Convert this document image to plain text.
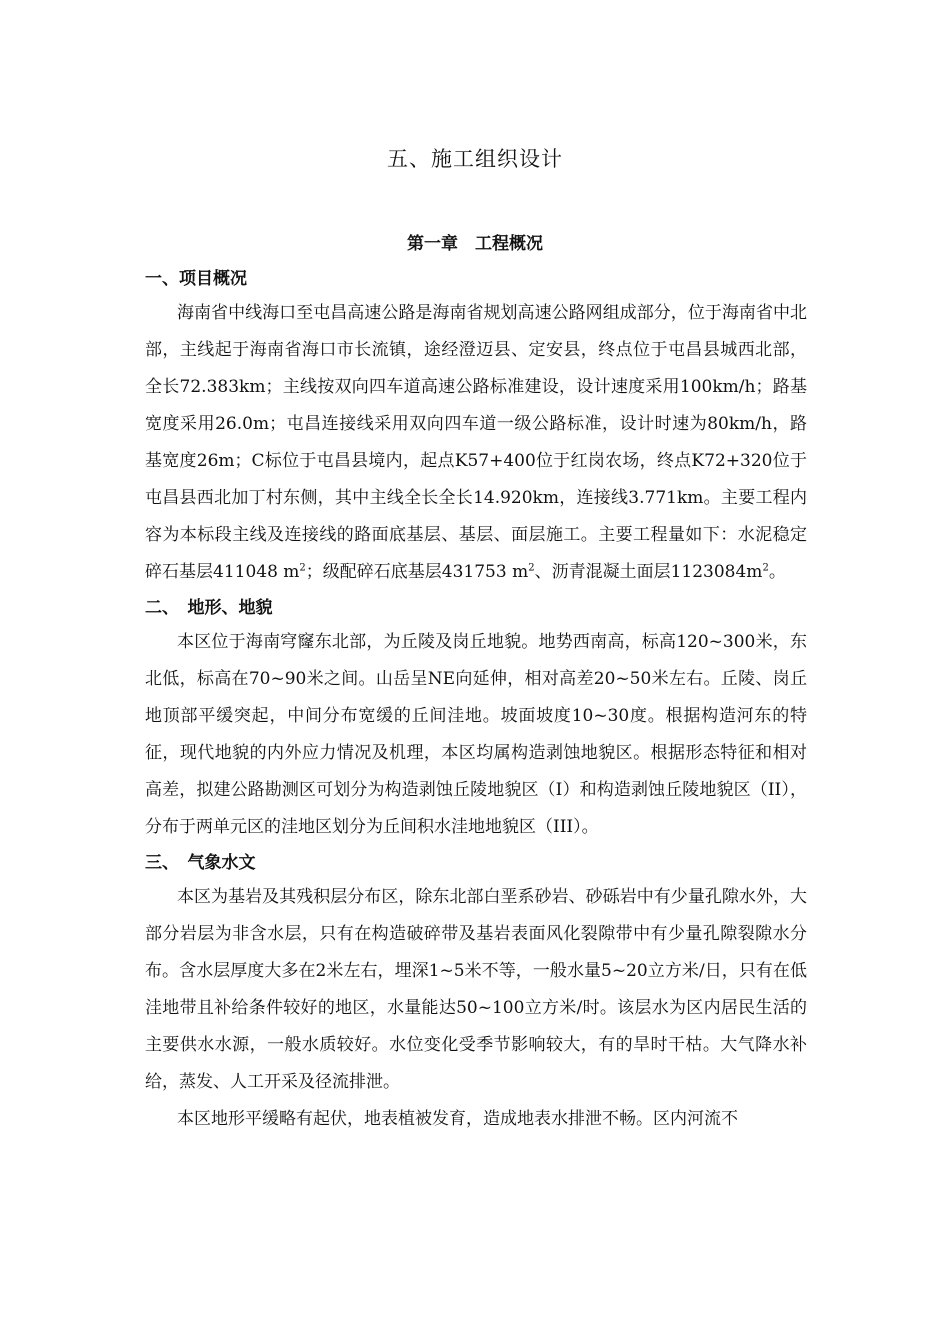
五、施工组织设计
第一章　工程概况
一、项目概况

海南省中线海口至屯昌高速公路是海南省规划高速公路网组成部分，位于海南省中北部，主线起于海南省海口市长流镇，途经澄迈县、定安县，终点位于屯昌县城西北部，全长72.383km；主线按双向四车道高速公路标准建设，设计速度采用100km/h；路基宽度采用26.0m；屯昌连接线采用双向四车道一级公路标准，设计时速为80km/h，路基宽度26m；C标位于屯昌县境内，起点K57+400位于红岗农场，终点K72+320位于屯昌县西北加丁村东侧，其中主线全长全长14.920km，连接线3.771km。主要工程内容为本标段主线及连接线的路面底基层、基层、面层施工。主要工程量如下：水泥稳定碎石基层411048 $m^2$；级配碎石底基层431753 $m^2$、沥青混凝土面层$1123084m^2$。

二、　地形、地貌

本区位于海南穹窿东北部，为丘陵及岗丘地貌。地势西南高，标高120~300米，东北低，标高在70~90米之间。山岳呈NE向延伸，相对高差20~50米左右。丘陵、岗丘地顶部平缓突起，中间分布宽缓的丘间洼地。坡面坡度10~30度。根据构造河东的特征，现代地貌的内外应力情况及机理，本区均属构造剥蚀地貌区。根据形态特征和相对高差，拟建公路勘测区可划分为构造剥蚀丘陵地貌区（I）和构造剥蚀丘陵地貌区（II），分布于两单元区的洼地区划分为丘间积水洼地地貌区（III）。

三、　气象水文

本区为基岩及其残积层分布区，除东北部白垩系砂岩、砂砾岩中有少量孔隙水外，大部分岩层为非含水层，只有在构造破碎带及基岩表面风化裂隙带中有少量孔隙裂隙水分布。含水层厚度大多在2米左右，埋深1~5米不等，一般水量5~20立方米/日，只有在低洼地带且补给条件较好的地区，水量能达50~100立方米/时。该层水为区内居民生活的主要供水水源，一般水质较好。水位变化受季节影响较大，有的旱时干枯。大气降水补给，蒸发、人工开采及径流排泄。

本区地形平缓略有起伏，地表植被发育，造成地表水排泄不畅。区内河流不
